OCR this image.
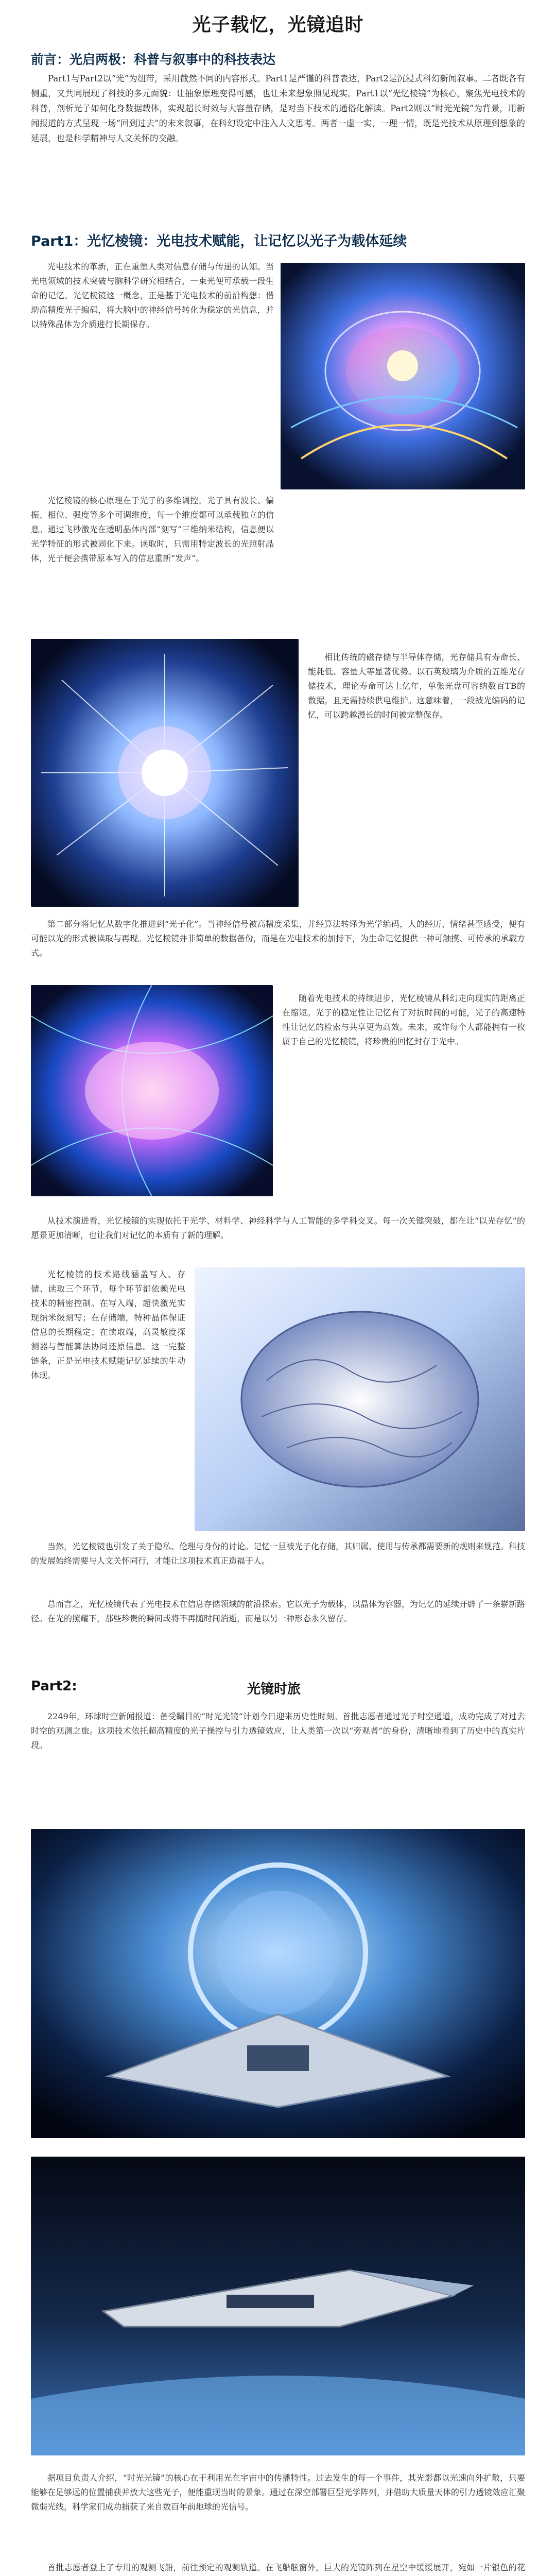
光子载忆，光镜追时
前言：光启两极：科普与叙事中的科技表达

Part1与Part2以“光”为纽带，采用截然不同的内容形式。Part1是严谨的科普表达，Part2是沉浸式科幻新闻叙事。二者既各有侧重，又共同展现了科技的多元面貌：让抽象原理变得可感，也让未来想象照见现实。Part1以“光忆棱镜”为核心，聚焦光电技术的科普，剖析光子如何化身数据载体，实现超长时效与大容量存储，是对当下技术的通俗化解读。Part2则以“时光光镜”为背景，用新闻报道的方式呈现一场“回到过去”的未来叙事，在科幻设定中注入人文思考。两者一虚一实，一理一情，既是光技术从原理到想象的延展，也是科学精神与人文关怀的交融。

Part1：光忆棱镜：光电技术赋能，让记忆以光子为载体延续

光电技术的革新，正在重塑人类对信息存储与传递的认知。当光电领域的技术突破与脑科学研究相结合，一束光便可承载一段生命的记忆。光忆棱镜这一概念，正是基于光电技术的前沿构想：借助高精度光子编码，将大脑中的神经信号转化为稳定的光信息，并以特殊晶体为介质进行长期保存。

光忆棱镜的核心原理在于光子的多维调控。光子具有波长、偏振、相位、强度等多个可调维度，每一个维度都可以承载独立的信息。通过飞秒激光在透明晶体内部“刻写”三维纳米结构，信息便以光学特征的形式被固化下来。读取时，只需用特定波长的光照射晶体，光子便会携带原本写入的信息重新“发声”。

相比传统的磁存储与半导体存储，光存储具有寿命长、能耗低、容量大等显著优势。以石英玻璃为介质的五维光存储技术，理论寿命可达上亿年，单张光盘可容纳数百TB的数据，且无需持续供电维护。这意味着，一段被光编码的记忆，可以跨越漫长的时间被完整保存。

第二部分将记忆从数字化推进到“光子化”。当神经信号被高精度采集，并经算法转译为光学编码，人的经历、情绪甚至感受，便有可能以光的形式被读取与再现。光忆棱镜并非简单的数据备份，而是在光电技术的加持下，为生命记忆提供一种可触摸、可传承的承载方式。

随着光电技术的持续进步，光忆棱镜从科幻走向现实的距离正在缩短。光子的稳定性让记忆有了对抗时间的可能，光子的高速特性让记忆的检索与共享更为高效。未来，或许每个人都能拥有一枚属于自己的光忆棱镜，将珍贵的回忆封存于光中。

从技术演进看，光忆棱镜的实现依托于光学、材料学、神经科学与人工智能的多学科交叉。每一次关键突破，都在让“以光存忆”的愿景更加清晰，也让我们对记忆的本质有了新的理解。

光忆棱镜的技术路线涵盖写入、存储、读取三个环节，每个环节都依赖光电技术的精密控制。在写入端，超快激光实现纳米级刻写；在存储端，特种晶体保证信息的长期稳定；在读取端，高灵敏度探测器与智能算法协同还原信息。这一完整链条，正是光电技术赋能记忆延续的生动体现。

当然，光忆棱镜也引发了关于隐私、伦理与身份的讨论。记忆一旦被光子化存储，其归属、使用与传承都需要新的规则来规范。科技的发展始终需要与人文关怀同行，才能让这项技术真正造福于人。

总而言之，光忆棱镜代表了光电技术在信息存储领域的前沿探索。它以光子为载体，以晶体为容器，为记忆的延续开辟了一条崭新路径。在光的照耀下，那些珍贵的瞬间或将不再随时间消逝，而是以另一种形态永久留存。

Part2:	光镜时旅

2249年，环球时空新闻报道：备受瞩目的“时光光镜”计划今日迎来历史性时刻。首批志愿者通过光子时空通道，成功完成了对过去时空的观测之旅。这项技术依托超高精度的光子操控与引力透镜效应，让人类第一次以“旁观者”的身份，清晰地看到了历史中的真实片段。

据项目负责人介绍，“时光光镜”的核心在于利用光在宇宙中的传播特性。过去发生的每一个事件，其光影都以光速向外扩散，只要能够在足够远的位置捕获并放大这些光子，便能重现当时的景象。通过在深空部署巨型光学阵列，并借助大质量天体的引力透镜效应汇聚微弱光线，科学家们成功捕获了来自数百年前地球的光信号。

首批志愿者登上了专用的观测飞船，前往预定的观测轨道。在飞船舷窗外，巨大的光镜阵列在星空中缓缓展开，宛如一片银色的花
